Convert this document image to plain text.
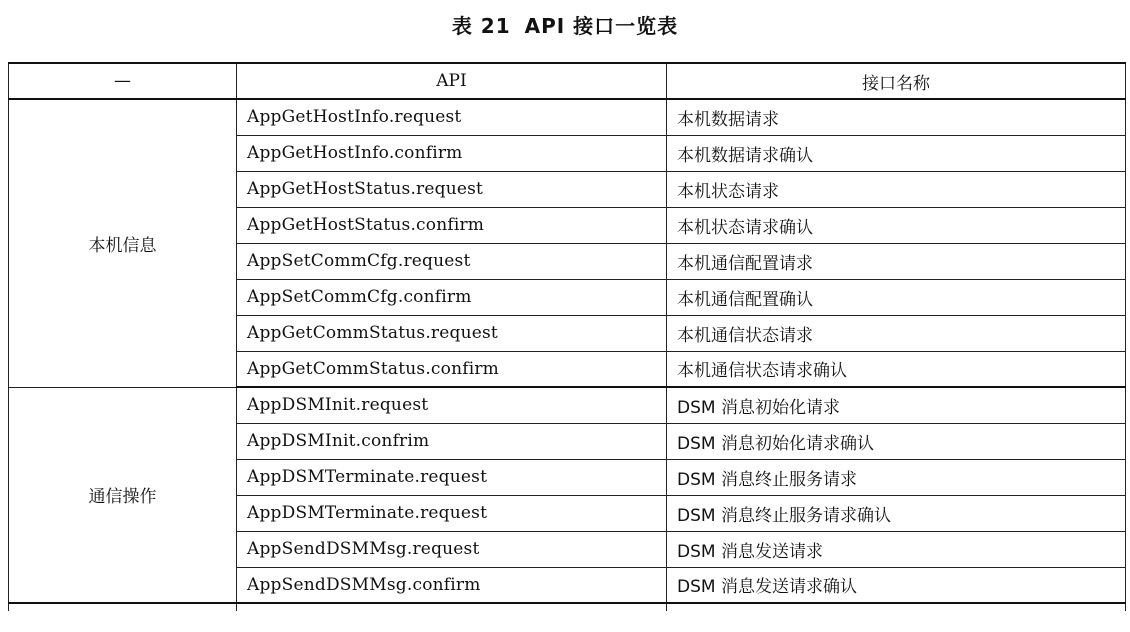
表 21 API 接口一览表
—	API	接口名称
本机信息	AppGetHostInfo.request	本机数据请求
	AppGetHostInfo.confirm	本机数据请求确认
	AppGetHostStatus.request	本机状态请求
	AppGetHostStatus.confirm	本机状态请求确认
	AppSetCommCfg.request	本机通信配置请求
	AppSetCommCfg.confirm	本机通信配置确认
	AppGetCommStatus.request	本机通信状态请求
	AppGetCommStatus.confirm	本机通信状态请求确认
通信操作	AppDSMInit.request	DSM 消息初始化请求
	AppDSMInit.confrim	DSM 消息初始化请求确认
	AppDSMTerminate.request	DSM 消息终止服务请求
	AppDSMTerminate.request	DSM 消息终止服务请求确认
	AppSendDSMMsg.request	DSM 消息发送请求
	AppSendDSMMsg.confirm	DSM 消息发送请求确认
